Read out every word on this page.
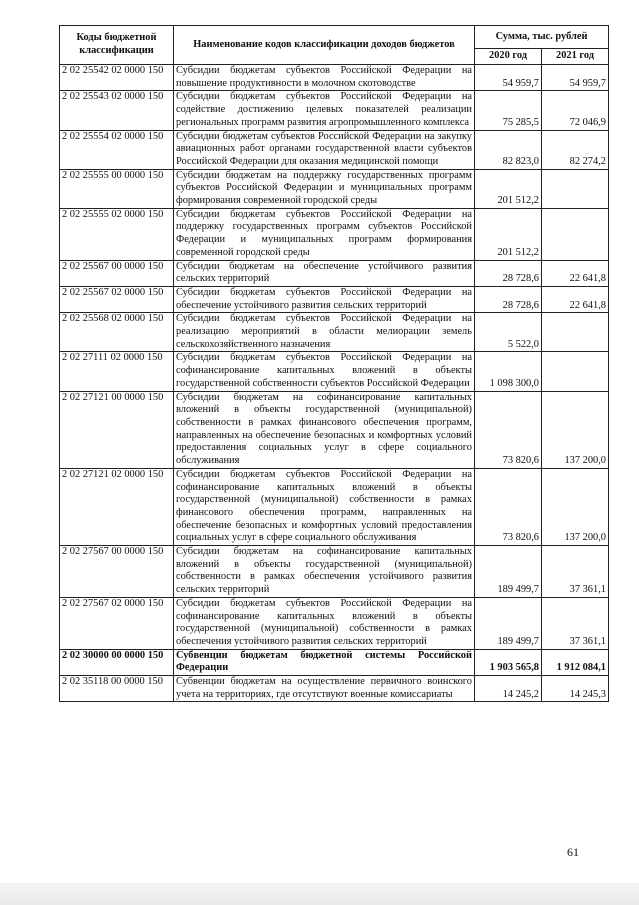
Коды бюджетной классификации	Наименование кодов классификации доходов бюджетов	Сумма, тыс. рублей	
		2020 год	2021 год
2 02 25542 02 0000 150	Субсидии бюджетам субъектов Российской Федерации на повышение продуктивности в молочном скотоводстве	54 959,7	54 959,7
2 02 25543 02 0000 150	Субсидии бюджетам субъектов Российской Федерации на содействие достижению целевых показателей реализации региональных программ развития агропромышленного комплекса	75 285,5	72 046,9
2 02 25554 02 0000 150	Субсидии бюджетам субъектов Российской Федерации на закупку авиационных работ органами государственной власти субъектов Российской Федерации для оказания медицинской помощи	82 823,0	82 274,2
2 02 25555 00 0000 150	Субсидии бюджетам на поддержку государственных программ субъектов Российской Федерации и муниципальных программ формирования современной городской среды	201 512,2	
2 02 25555 02 0000 150	Субсидии бюджетам субъектов Российской Федерации на поддержку государственных программ субъектов Российской Федерации и муниципальных программ формирования современной городской среды	201 512,2	
2 02 25567 00 0000 150	Субсидии бюджетам на обеспечение устойчивого развития сельских территорий	28 728,6	22 641,8
2 02 25567 02 0000 150	Субсидии бюджетам субъектов Российской Федерации на обеспечение устойчивого развития сельских территорий	28 728,6	22 641,8
2 02 25568 02 0000 150	Субсидии бюджетам субъектов Российской Федерации на реализацию мероприятий в области мелиорации земель сельскохозяйственного назначения	5 522,0	
2 02 27111 02 0000 150	Субсидии бюджетам субъектов Российской Федерации на софинансирование капитальных вложений в объекты государственной собственности субъектов Российской Федерации	1 098 300,0	
2 02 27121 00 0000 150	Субсидии бюджетам на софинансирование капитальных вложений в объекты государственной (муниципальной) собственности в рамках финансового обеспечения программ, направленных на обеспечение безопасных и комфортных условий предоставления социальных услуг в сфере социального обслуживания	73 820,6	137 200,0
2 02 27121 02 0000 150	Субсидии бюджетам субъектов Российской Федерации на софинансирование капитальных вложений в объекты государственной (муниципальной) собственности в рамках финансового обеспечения программ, направленных на обеспечение безопасных и комфортных условий предоставления социальных услуг в сфере социального обслуживания	73 820,6	137 200,0
2 02 27567 00 0000 150	Субсидии бюджетам на софинансирование капитальных вложений в объекты государственной (муниципальной) собственности в рамках обеспечения устойчивого развития сельских территорий	189 499,7	37 361,1
2 02 27567 02 0000 150	Субсидии бюджетам субъектов Российской Федерации на софинансирование капитальных вложений в объекты государственной (муниципальной) собственности в рамках обеспечения устойчивого развития сельских территорий	189 499,7	37 361,1
2 02 30000 00 0000 150	Субвенции бюджетам бюджетной системы Российской Федерации	1 903 565,8	1 912 084,1
2 02 35118 00 0000 150	Субвенции бюджетам на осуществление первичного воинского учета на территориях, где отсутствуют военные комиссариаты	14 245,2	14 245,3
61
